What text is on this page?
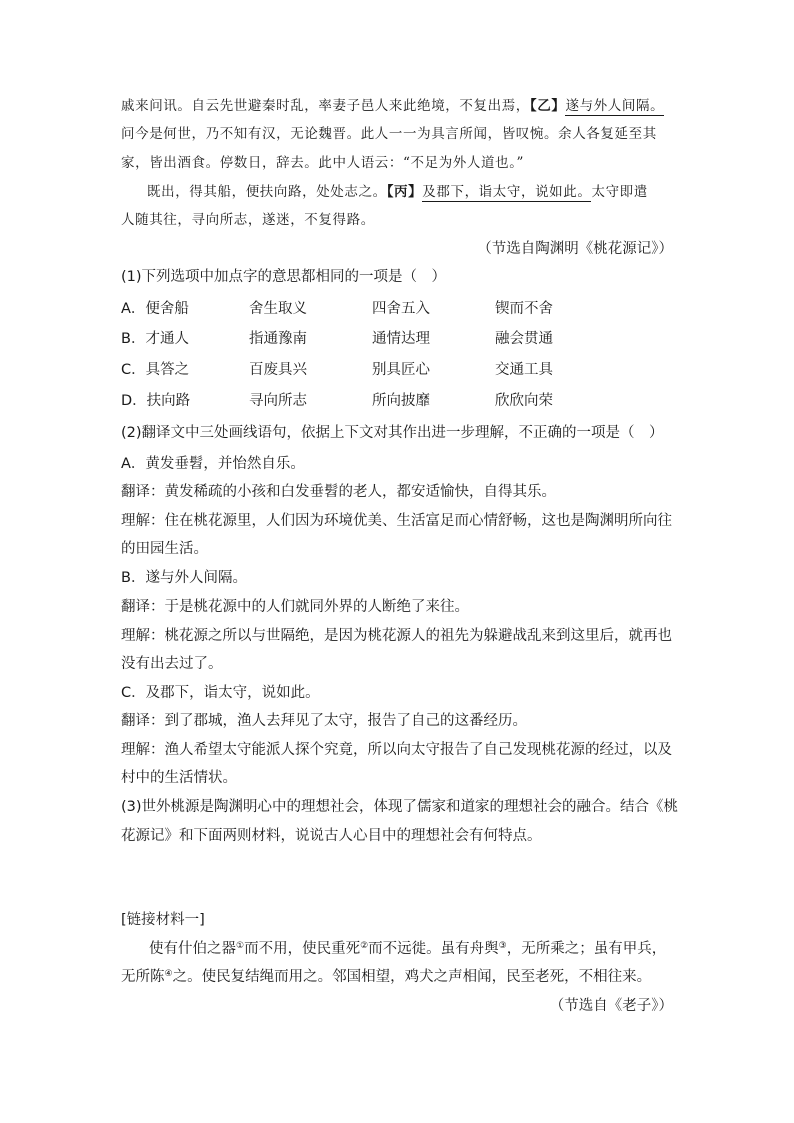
戚来问讯。自云先世避秦时乱，率妻子邑人来此绝境，不复出焉，【乙】遂与外人间隔。
问今是何世，乃不知有汉，无论魏晋。此人一一为具言所闻，皆叹惋。余人各复延至其
家，皆出酒食。停数日，辞去。此中人语云：“不足为外人道也。”
既出，得其船，便扶向路，处处志之。【丙】及郡下，诣太守，说如此。太守即遣
人随其往，寻向所志，遂迷，不复得路。
（节选自陶渊明《桃花源记》）
(1)下列选项中加点字的意思都相同的一项是（　）
A．便舍船	舍生取义	四舍五入	锲而不舍
B．才通人	指通豫南	通情达理	融会贯通
C．具答之	百废具兴	别具匠心	交通工具
D．扶向路	寻向所志	所向披靡	欣欣向荣
(2)翻译文中三处画线语句，依据上下文对其作出进一步理解，不正确的一项是（　）
A．黄发垂髫，并怡然自乐。
翻译：黄发稀疏的小孩和白发垂髫的老人，都安适愉快，自得其乐。
理解：住在桃花源里，人们因为环境优美、生活富足而心情舒畅，这也是陶渊明所向往
的田园生活。
B．遂与外人间隔。
翻译：于是桃花源中的人们就同外界的人断绝了来往。
理解：桃花源之所以与世隔绝，是因为桃花源人的祖先为躲避战乱来到这里后，就再也
没有出去过了。
C．及郡下，诣太守，说如此。
翻译：到了郡城，渔人去拜见了太守，报告了自己的这番经历。
理解：渔人希望太守能派人探个究竟，所以向太守报告了自己发现桃花源的经过，以及
村中的生活情状。
(3)世外桃源是陶渊明心中的理想社会，体现了儒家和道家的理想社会的融合。结合《桃
花源记》和下面两则材料，说说古人心目中的理想社会有何特点。
[链接材料一]
使有什伯之器①而不用，使民重死②而不远徙。虽有舟舆③，无所乘之；虽有甲兵，
无所陈④之。使民复结绳而用之。邻国相望，鸡犬之声相闻，民至老死，不相往来。
（节选自《老子》）
